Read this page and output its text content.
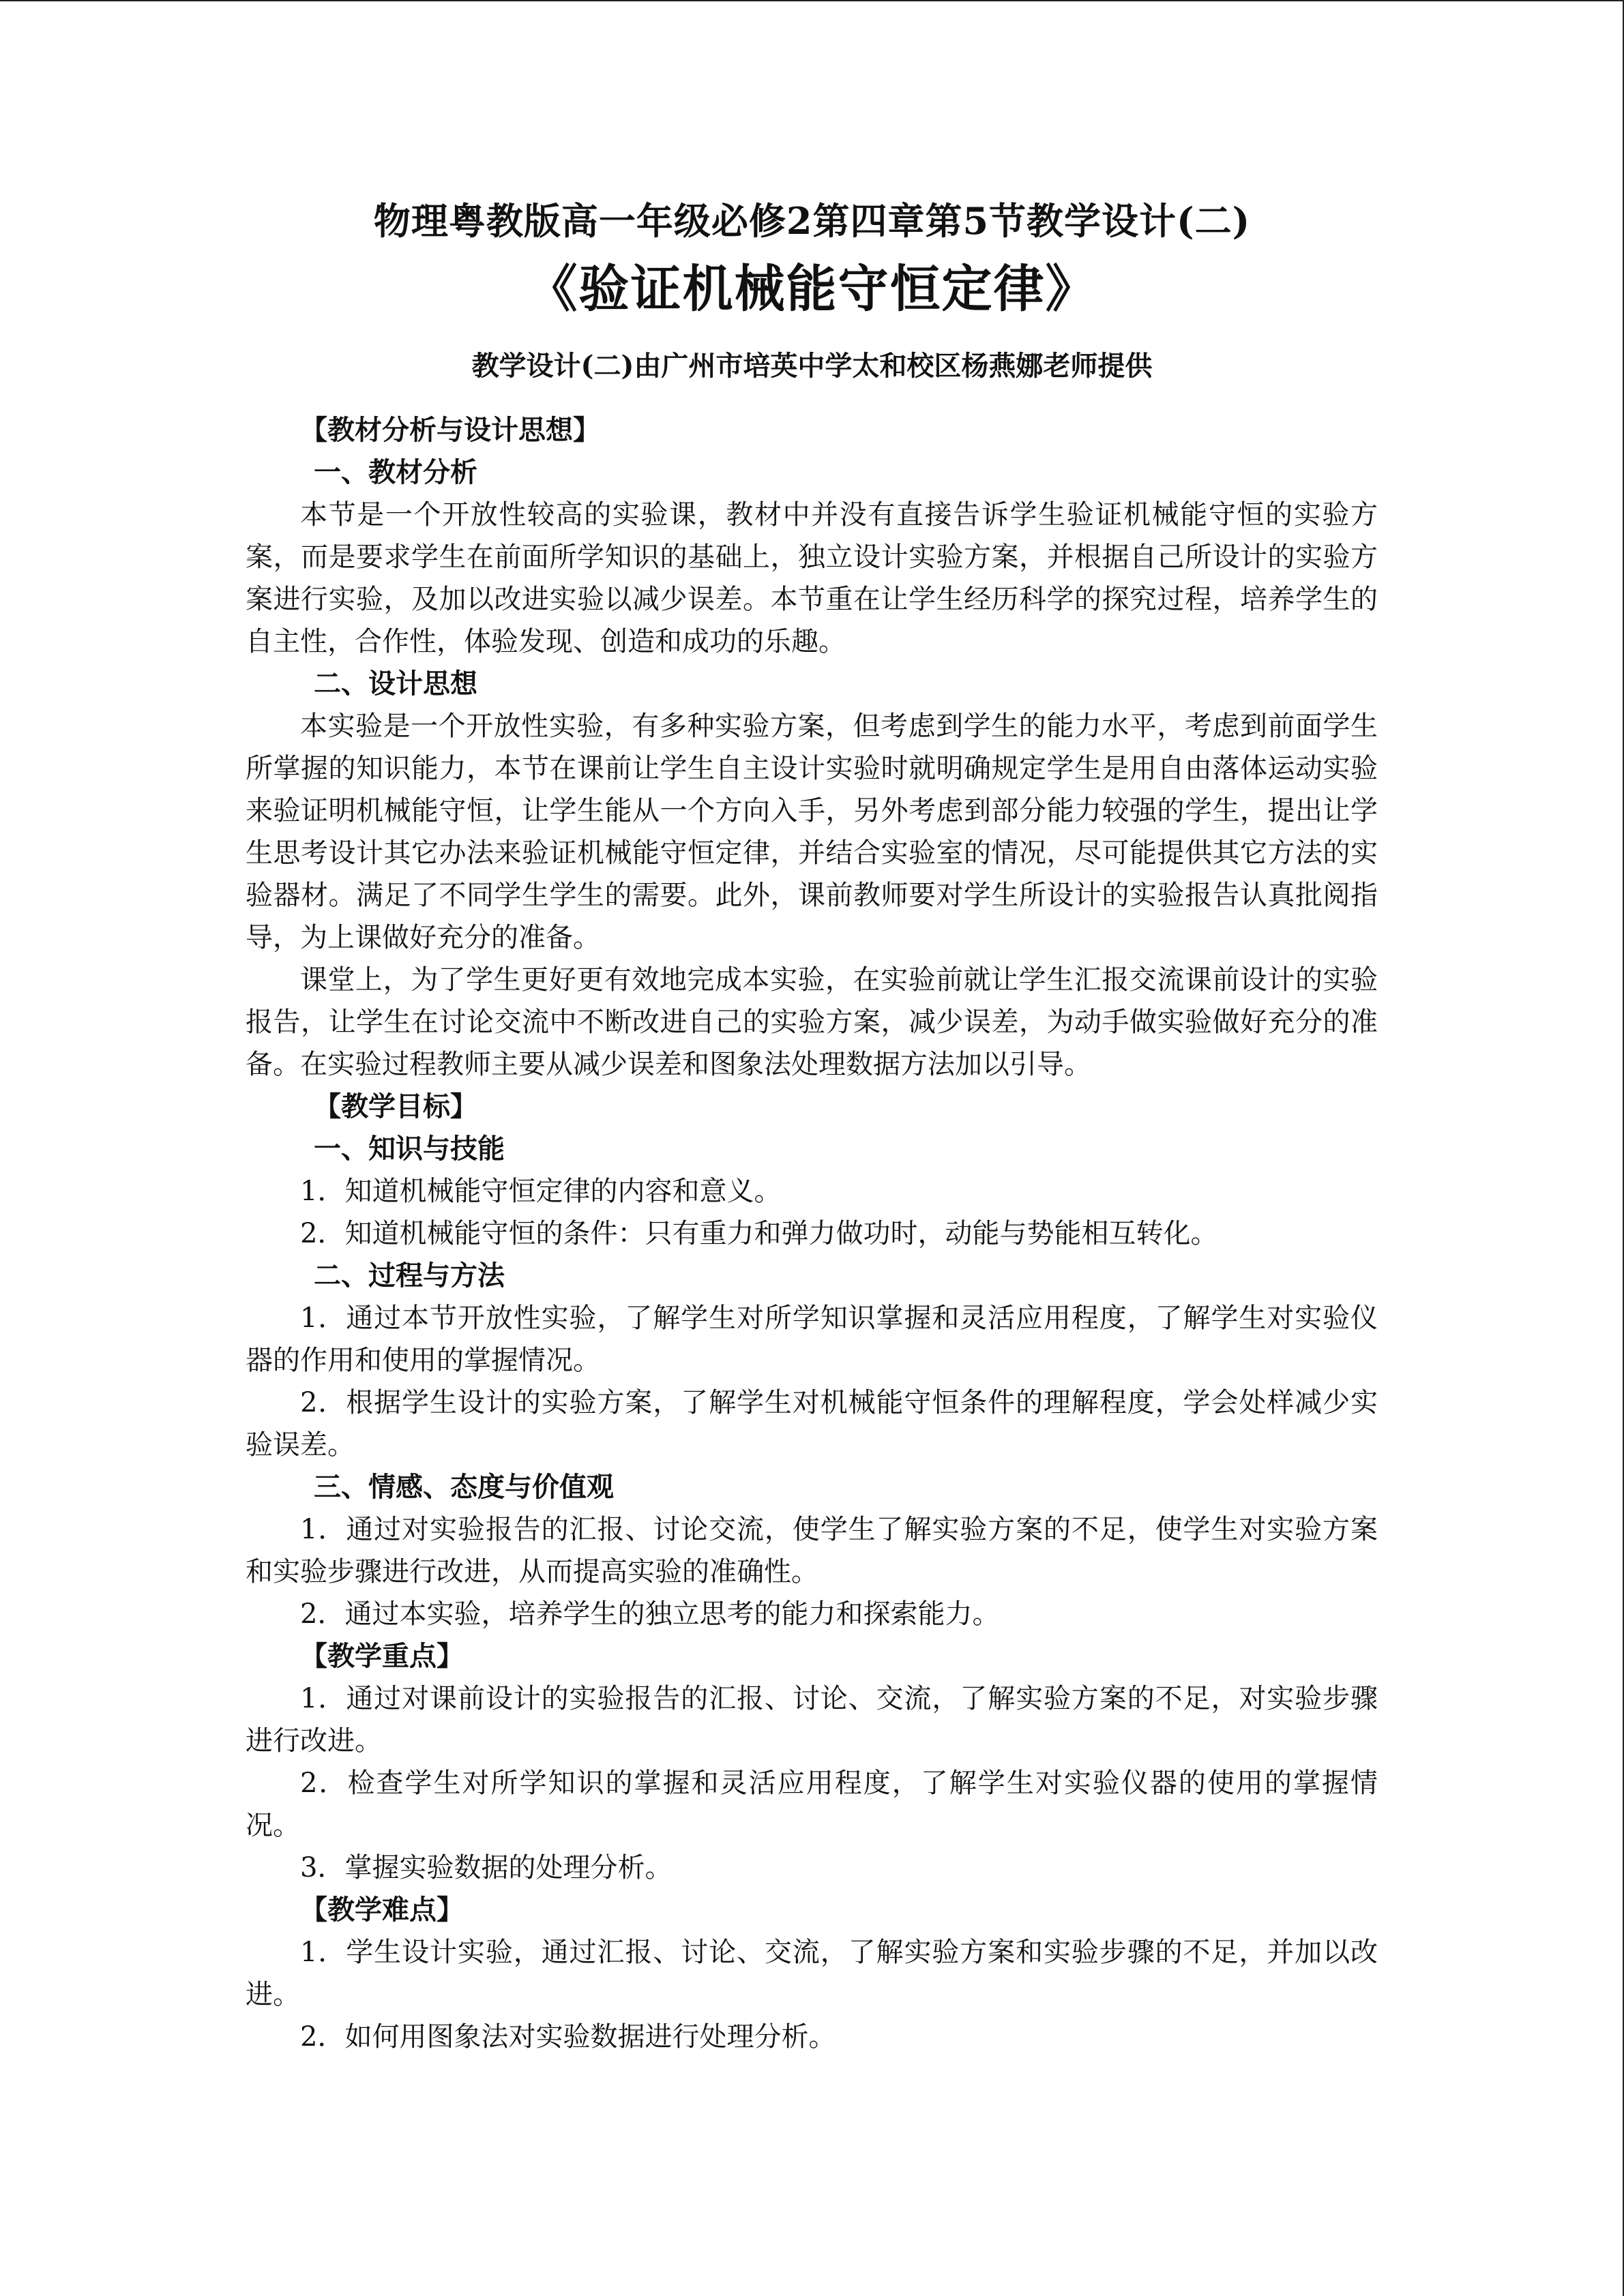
物理粤教版高一年级必修2第四章第5节教学设计(二)
《验证机械能守恒定律》
教学设计(二)由广州市培英中学太和校区杨燕娜老师提供
【教材分析与设计思想】
一、教材分析

本节是一个开放性较高的实验课，教材中并没有直接告诉学生验证机械能守恒的实验方案，而是要求学生在前面所学知识的基础上，独立设计实验方案，并根据自己所设计的实验方案进行实验，及加以改进实验以减少误差。本节重在让学生经历科学的探究过程，培养学生的自主性，合作性，体验发现、创造和成功的乐趣。

二、设计思想

本实验是一个开放性实验，有多种实验方案，但考虑到学生的能力水平，考虑到前面学生所掌握的知识能力，本节在课前让学生自主设计实验时就明确规定学生是用自由落体运动实验来验证明机械能守恒，让学生能从一个方向入手，另外考虑到部分能力较强的学生，提出让学生思考设计其它办法来验证机械能守恒定律，并结合实验室的情况，尽可能提供其它方法的实验器材。满足了不同学生学生的需要。此外，课前教师要对学生所设计的实验报告认真批阅指导，为上课做好充分的准备。

课堂上，为了学生更好更有效地完成本实验，在实验前就让学生汇报交流课前设计的实验报告，让学生在讨论交流中不断改进自己的实验方案，减少误差，为动手做实验做好充分的准备。在实验过程教师主要从减少误差和图象法处理数据方法加以引导。

【教学目标】
一、知识与技能

1．知道机械能守恒定律的内容和意义。

2．知道机械能守恒的条件：只有重力和弹力做功时，动能与势能相互转化。

二、过程与方法

1．通过本节开放性实验，了解学生对所学知识掌握和灵活应用程度，了解学生对实验仪器的作用和使用的掌握情况。

2．根据学生设计的实验方案，了解学生对机械能守恒条件的理解程度，学会处样减少实验误差。

三、情感、态度与价值观

1．通过对实验报告的汇报、讨论交流，使学生了解实验方案的不足，使学生对实验方案和实验步骤进行改进，从而提高实验的准确性。

2．通过本实验，培养学生的独立思考的能力和探索能力。

【教学重点】

1．通过对课前设计的实验报告的汇报、讨论、交流，了解实验方案的不足，对实验步骤进行改进。

2．检查学生对所学知识的掌握和灵活应用程度，了解学生对实验仪器的使用的掌握情况。

3．掌握实验数据的处理分析。

【教学难点】

1．学生设计实验，通过汇报、讨论、交流，了解实验方案和实验步骤的不足，并加以改进。

2．如何用图象法对实验数据进行处理分析。
